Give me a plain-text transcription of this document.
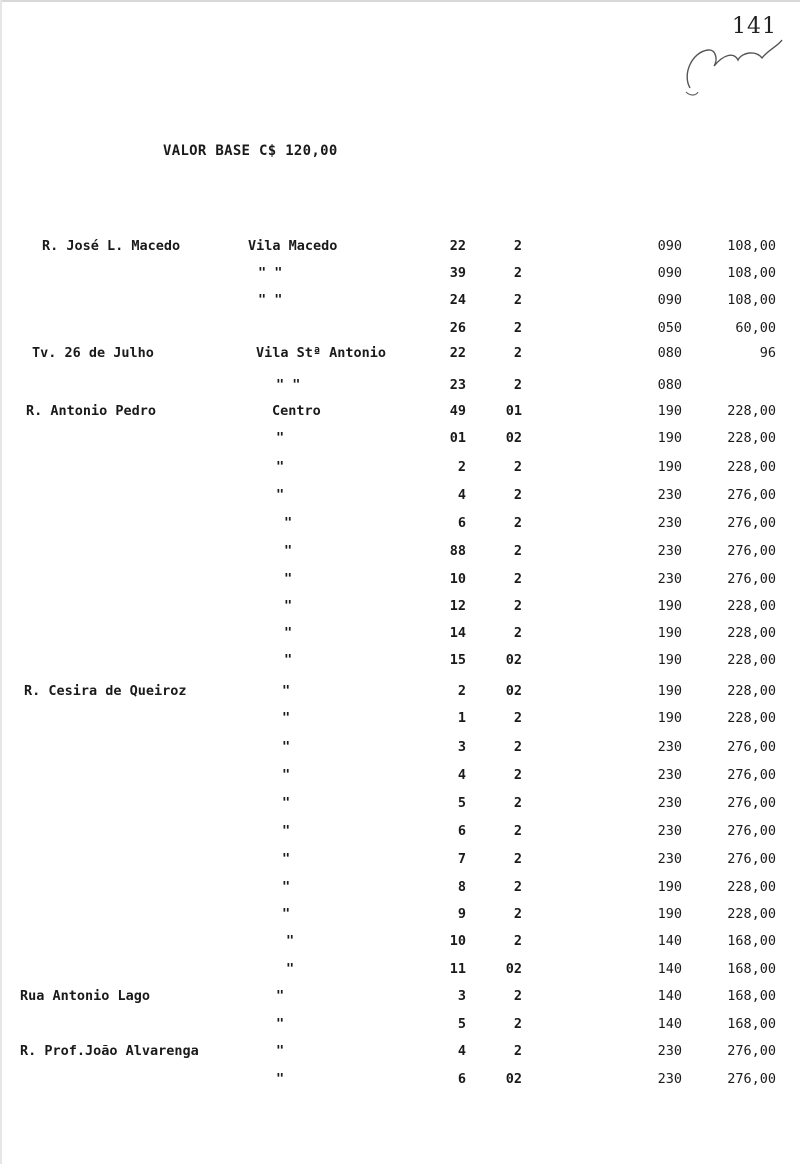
141
VALOR BASE C$ 120,00
R. José L. Macedo	Vila Macedo	22	2	090	108,00
" "	39	2	090	108,00
" "	24	2	090	108,00
26	2	050	60,00
Tv. 26 de Julho	Vila Stª Antonio	22	2	080	96
" "	23	2	080
R. Antonio Pedro	Centro	49	01	190	228,00
"	01	02	190	228,00
"	2	2	190	228,00
"	4	2	230	276,00
"	6	2	230	276,00
"	88	2	230	276,00
"	10	2	230	276,00
"	12	2	190	228,00
"	14	2	190	228,00
"	15	02	190	228,00
R. Cesira de Queiroz	"	2	02	190	228,00
"	1	2	190	228,00
"	3	2	230	276,00
"	4	2	230	276,00
"	5	2	230	276,00
"	6	2	230	276,00
"	7	2	230	276,00
"	8	2	190	228,00
"	9	2	190	228,00
"	10	2	140	168,00
"	11	02	140	168,00
Rua Antonio Lago	"	3	2	140	168,00
"	5	2	140	168,00
R. Prof.João Alvarenga	"	4	2	230	276,00
"	6	02	230	276,00
